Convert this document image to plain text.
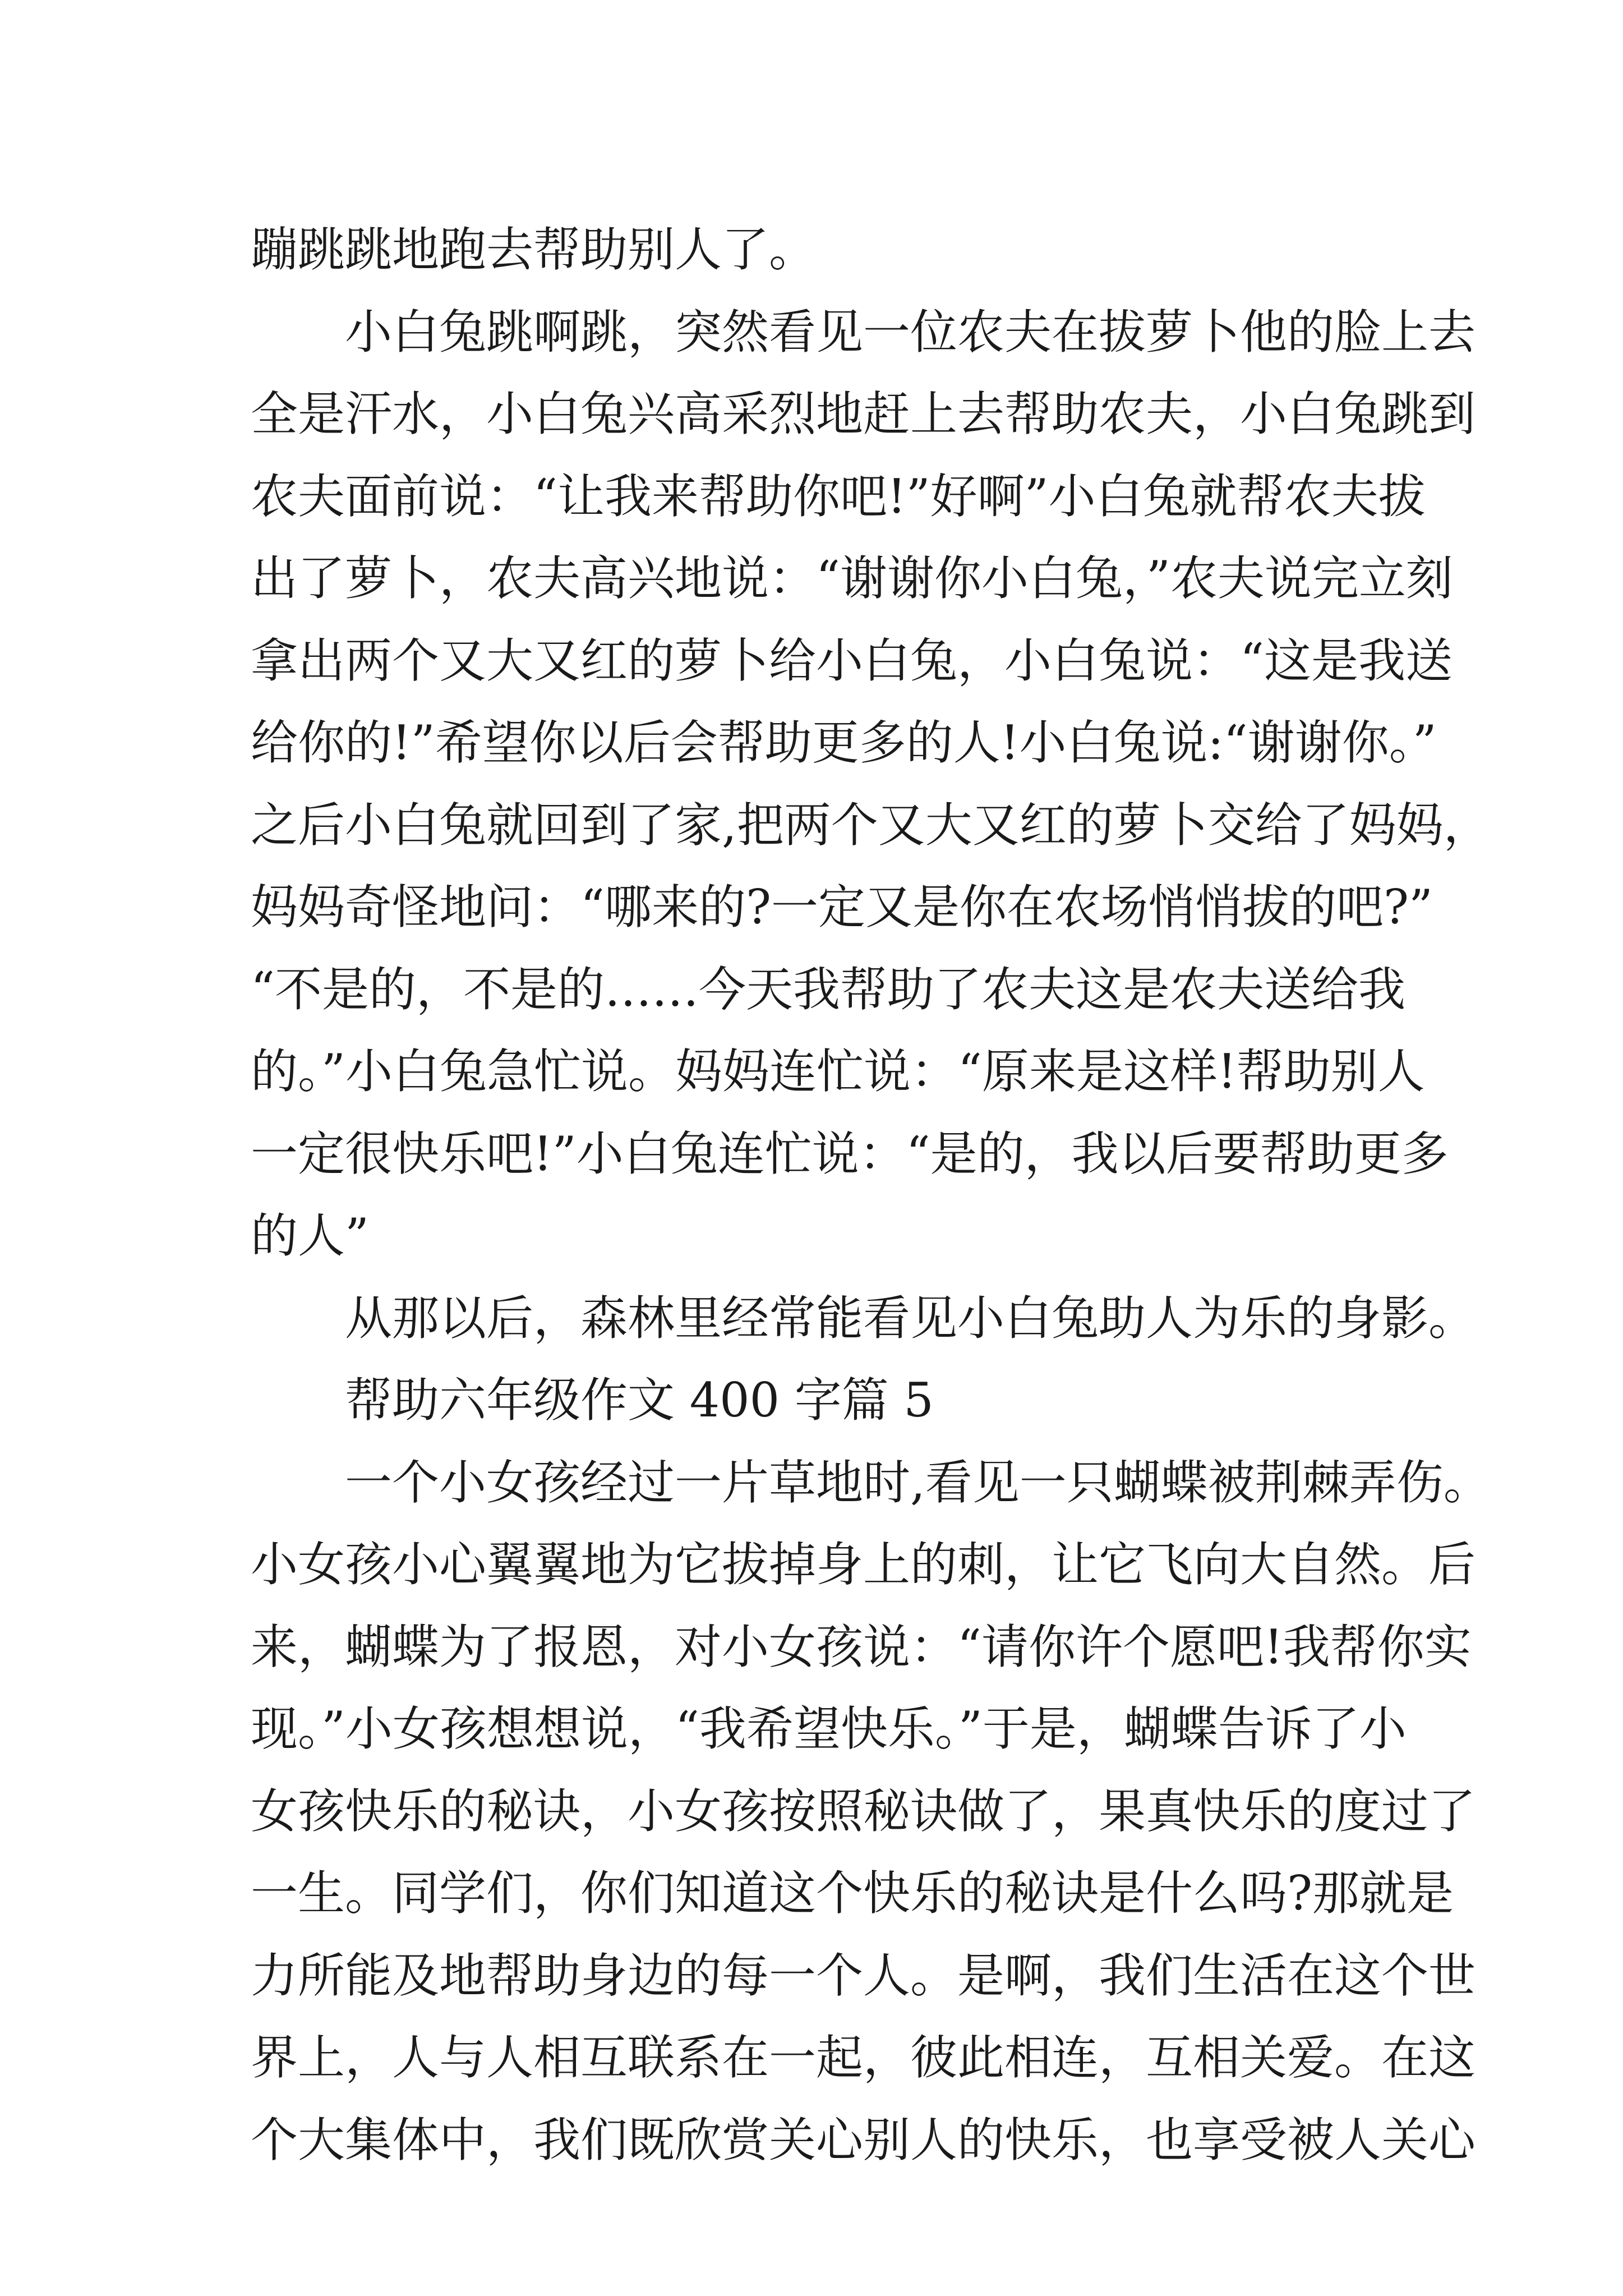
蹦跳跳地跑去帮助别人了。
小白兔跳啊跳，突然看见一位农夫在拔萝卜他的脸上去
全是汗水，小白兔兴高采烈地赶上去帮助农夫，小白兔跳到
农夫面前说：“让我来帮助你吧!”好啊”小白兔就帮农夫拔
出了萝卜，农夫高兴地说：“谢谢你小白兔，”农夫说完立刻
拿出两个又大又红的萝卜给小白兔，小白兔说：“这是我送
给你的!”希望你以后会帮助更多的人!小白兔说:“谢谢你。”
之后小白兔就回到了家,把两个又大又红的萝卜交给了妈妈，
妈妈奇怪地问：“哪来的?一定又是你在农场悄悄拔的吧?”
“不是的，不是的……今天我帮助了农夫这是农夫送给我
的。”小白兔急忙说。妈妈连忙说：“原来是这样!帮助别人
一定很快乐吧!”小白兔连忙说：“是的，我以后要帮助更多
的人”
从那以后，森林里经常能看见小白兔助人为乐的身影。
帮助六年级作文 400 字篇 5
一个小女孩经过一片草地时,看见一只蝴蝶被荆棘弄伤。
小女孩小心翼翼地为它拔掉身上的刺，让它飞向大自然。后
来，蝴蝶为了报恩，对小女孩说：“请你许个愿吧!我帮你实
现。”小女孩想想说，“我希望快乐。”于是，蝴蝶告诉了小
女孩快乐的秘诀，小女孩按照秘诀做了，果真快乐的度过了
一生。同学们，你们知道这个快乐的秘诀是什么吗?那就是
力所能及地帮助身边的每一个人。是啊，我们生活在这个世
界上，人与人相互联系在一起，彼此相连，互相关爱。在这
个大集体中，我们既欣赏关心别人的快乐，也享受被人关心
